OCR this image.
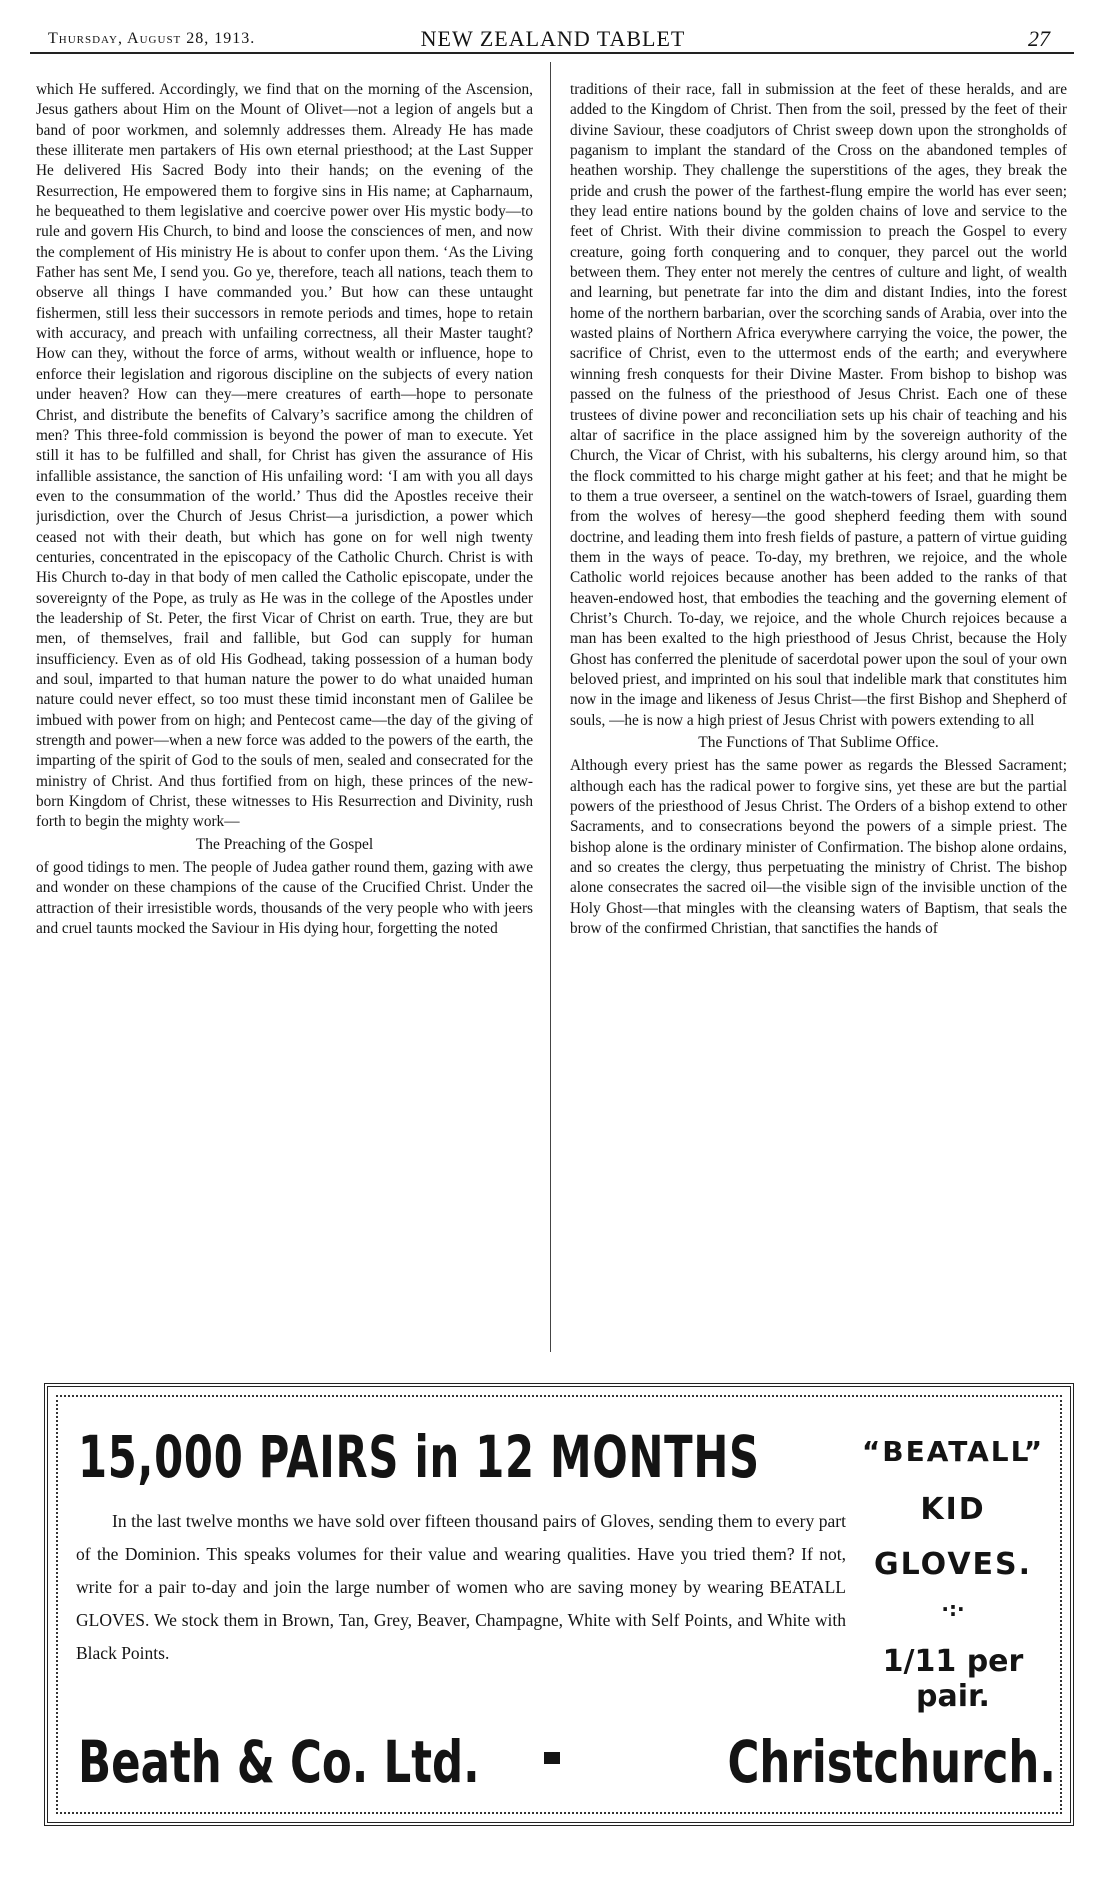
Thursday, August 28, 1913.	NEW ZEALAND TABLET	27

which He suffered. Accordingly, we find that on the morning of the Ascension, Jesus gathers about Him on the Mount of Olivet—not a legion of angels but a band of poor workmen, and solemnly addresses them. Already He has made these illiterate men partakers of His own eternal priesthood; at the Last Supper He delivered His Sacred Body into their hands; on the evening of the Resurrection, He empowered them to forgive sins in His name; at Capharnaum, he bequeathed to them legislative and coercive power over His mystic body—to rule and govern His Church, to bind and loose the consciences of men, and now the complement of His ministry He is about to confer upon them. ‘As the Living Father has sent Me, I send you. Go ye, therefore, teach all nations, teach them to observe all things I have commanded you.’ But how can these untaught fishermen, still less their successors in remote periods and times, hope to retain with accuracy, and preach with unfailing correctness, all their Master taught? How can they, without the force of arms, without wealth or influence, hope to enforce their legislation and rigorous discipline on the subjects of every nation under heaven? How can they—mere creatures of earth—hope to personate Christ, and distribute the benefits of Calvary’s sacrifice among the children of men? This three-fold commission is beyond the power of man to execute. Yet still it has to be fulfilled and shall, for Christ has given the assurance of His infallible assistance, the sanction of His unfailing word: ‘I am with you all days even to the consummation of the world.’ Thus did the Apostles receive their jurisdiction, over the Church of Jesus Christ—a jurisdiction, a power which ceased not with their death, but which has gone on for well nigh twenty centuries, concentrated in the episcopacy of the Catholic Church. Christ is with His Church to-day in that body of men called the Catholic episcopate, under the sovereignty of the Pope, as truly as He was in the college of the Apostles under the leadership of St. Peter, the first Vicar of Christ on earth. True, they are but men, of themselves, frail and fallible, but God can supply for human insufficiency. Even as of old His Godhead, taking possession of a human body and soul, imparted to that human nature the power to do what unaided human nature could never effect, so too must these timid inconstant men of Galilee be imbued with power from on high; and Pentecost came—the day of the giving of strength and power—when a new force was added to the powers of the earth, the imparting of the spirit of God to the souls of men, sealed and consecrated for the ministry of Christ. And thus fortified from on high, these princes of the new-born Kingdom of Christ, these witnesses to His Resurrection and Divinity, rush forth to begin the mighty work—

The Preaching of the Gospel

of good tidings to men. The people of Judea gather round them, gazing with awe and wonder on these champions of the cause of the Crucified Christ. Under the attraction of their irresistible words, thousands of the very people who with jeers and cruel taunts mocked the Saviour in His dying hour, forgetting the noted

traditions of their race, fall in submission at the feet of these heralds, and are added to the Kingdom of Christ. Then from the soil, pressed by the feet of their divine Saviour, these coadjutors of Christ sweep down upon the strongholds of paganism to implant the standard of the Cross on the abandoned temples of heathen worship. They challenge the superstitions of the ages, they break the pride and crush the power of the farthest-flung empire the world has ever seen; they lead entire nations bound by the golden chains of love and service to the feet of Christ. With their divine commission to preach the Gospel to every creature, going forth conquering and to conquer, they parcel out the world between them. They enter not merely the centres of culture and light, of wealth and learning, but penetrate far into the dim and distant Indies, into the forest home of the northern barbarian, over the scorching sands of Arabia, over into the wasted plains of Northern Africa everywhere carrying the voice, the power, the sacrifice of Christ, even to the uttermost ends of the earth; and everywhere winning fresh conquests for their Divine Master. From bishop to bishop was passed on the fulness of the priesthood of Jesus Christ. Each one of these trustees of divine power and reconciliation sets up his chair of teaching and his altar of sacrifice in the place assigned him by the sovereign authority of the Church, the Vicar of Christ, with his subalterns, his clergy around him, so that the flock committed to his charge might gather at his feet; and that he might be to them a true overseer, a sentinel on the watch-towers of Israel, guarding them from the wolves of heresy—the good shepherd feeding them with sound doctrine, and leading them into fresh fields of pasture, a pattern of virtue guiding them in the ways of peace. To-day, my brethren, we rejoice, and the whole Catholic world rejoices because another has been added to the ranks of that heaven-endowed host, that embodies the teaching and the governing element of Christ’s Church. To-day, we rejoice, and the whole Church rejoices because a man has been exalted to the high priesthood of Jesus Christ, because the Holy Ghost has conferred the plenitude of sacerdotal power upon the soul of your own beloved priest, and imprinted on his soul that indelible mark that constitutes him now in the image and likeness of Jesus Christ—the first Bishop and Shepherd of souls, —he is now a high priest of Jesus Christ with powers extending to all

The Functions of That Sublime Office.

Although every priest has the same power as regards the Blessed Sacrament; although each has the radical power to forgive sins, yet these are but the partial powers of the priesthood of Jesus Christ. The Orders of a bishop extend to other Sacraments, and to consecrations beyond the powers of a simple priest. The bishop alone is the ordinary minister of Confirmation. The bishop alone ordains, and so creates the clergy, thus perpetuating the ministry of Christ. The bishop alone consecrates the sacred oil—the visible sign of the invisible unction of the Holy Ghost—that mingles with the cleansing waters of Baptism, that seals the brow of the confirmed Christian, that sanctifies the hands of

15,000 PAIRS in 12 MONTHS

In the last twelve months we have sold over fifteen thousand pairs of Gloves, sending them to every part of the Dominion. This speaks volumes for their value and wearing qualities. Have you tried them? If not, write for a pair to-day and join the large number of women who are saving money by wearing BEATALL GLOVES. We stock them in Brown, Tan, Grey, Beaver, Champagne, White with Self Points, and White with Black Points.

“BEATALL”
KID
GLOVES.
·:·
1/11 per pair.
Beath & Co. Ltd.	Christchurch.
